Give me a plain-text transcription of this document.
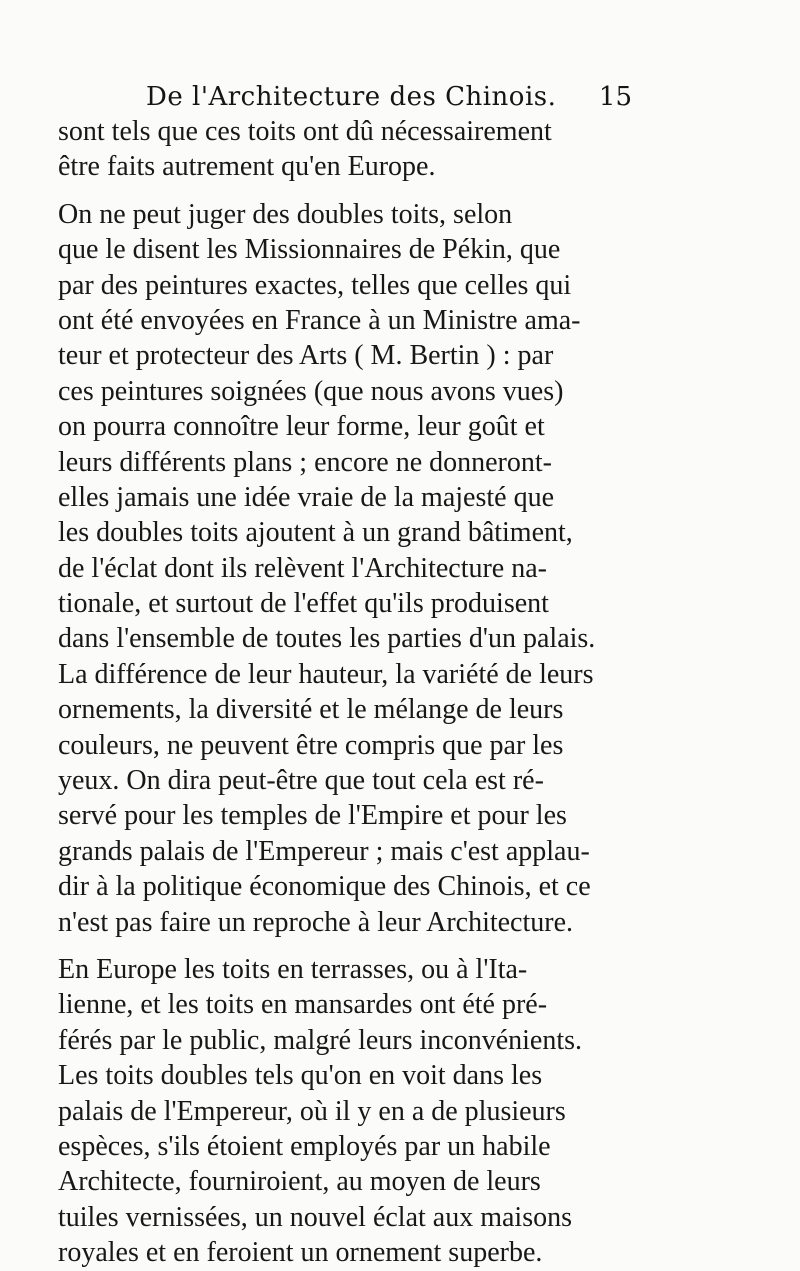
De l'Architecture des Chinois. 15
sont tels que ces toits ont dû nécessairement
être faits autrement qu'en Europe.
On ne peut juger des doubles toits, selon
que le disent les Missionnaires de Pékin, que
par des peintures exactes, telles que celles qui
ont été envoyées en France à un Ministre ama-
teur et protecteur des Arts ( M. Bertin ) : par
ces peintures soignées (que nous avons vues)
on pourra connoître leur forme, leur goût et
leurs différents plans ; encore ne donneront-
elles jamais une idée vraie de la majesté que
les doubles toits ajoutent à un grand bâtiment,
de l'éclat dont ils relèvent l'Architecture na-
tionale, et surtout de l'effet qu'ils produisent
dans l'ensemble de toutes les parties d'un palais.
La différence de leur hauteur, la variété de leurs
ornements, la diversité et le mélange de leurs
couleurs, ne peuvent être compris que par les
yeux. On dira peut-être que tout cela est ré-
servé pour les temples de l'Empire et pour les
grands palais de l'Empereur ; mais c'est applau-
dir à la politique économique des Chinois, et ce
n'est pas faire un reproche à leur Architecture.
En Europe les toits en terrasses, ou à l'Ita-
lienne, et les toits en mansardes ont été pré-
férés par le public, malgré leurs inconvénients.
Les toits doubles tels qu'on en voit dans les
palais de l'Empereur, où il y en a de plusieurs
espèces, s'ils étoient employés par un habile
Architecte, fourniroient, au moyen de leurs
tuiles vernissées, un nouvel éclat aux maisons
royales et en feroient un ornement superbe.
